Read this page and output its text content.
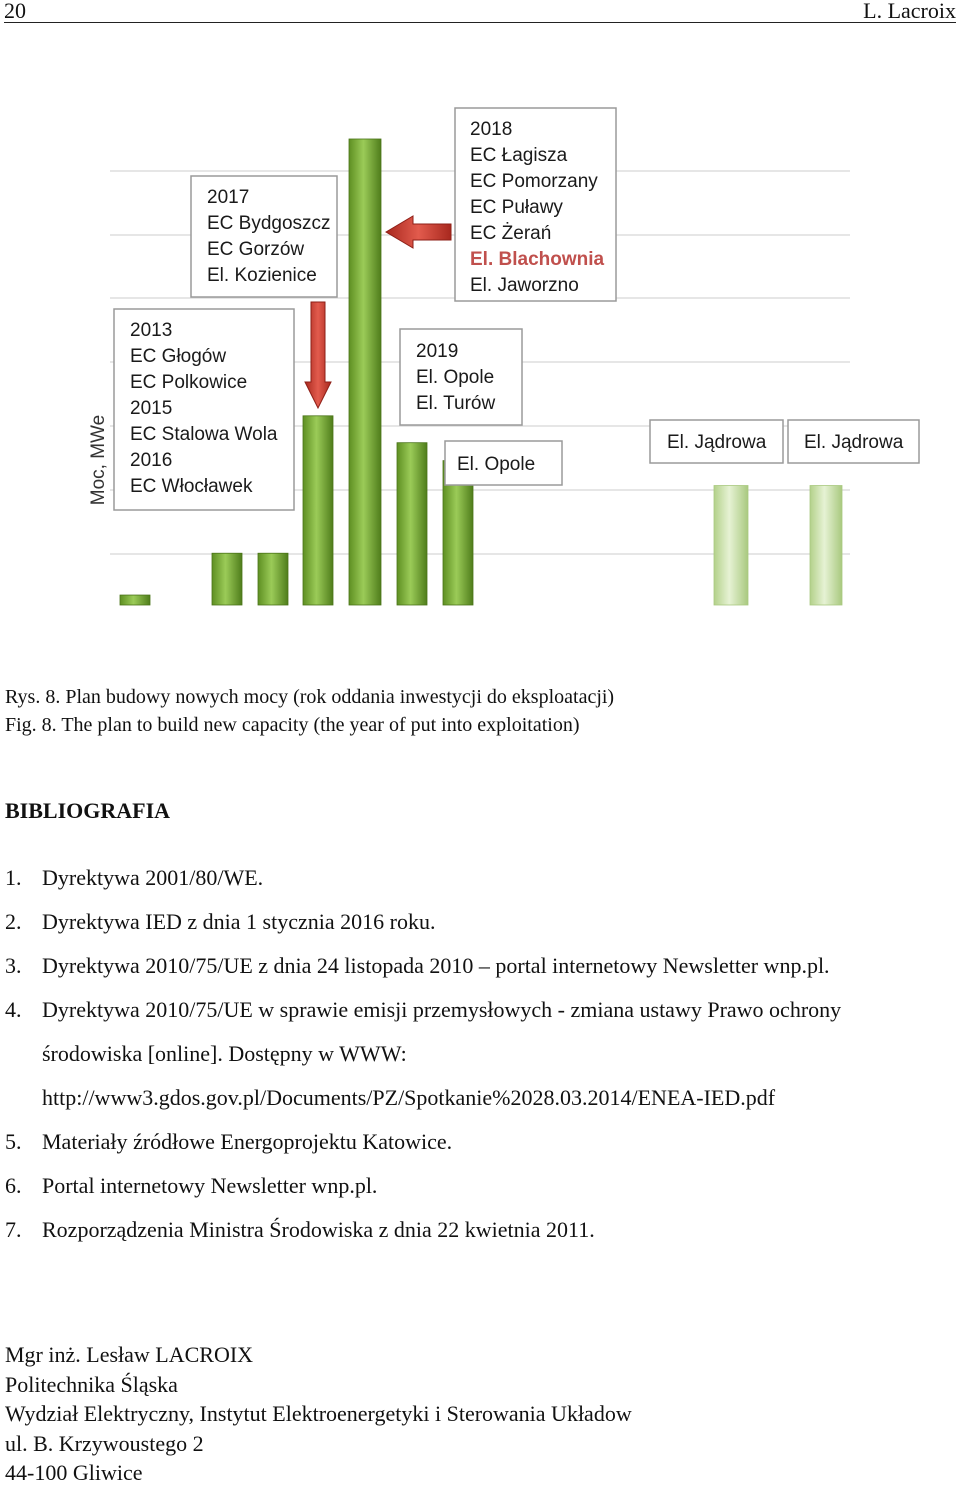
20	L. Lacroix
Moc, MWe
2013
EC Głogów
EC Polkowice
2015
EC Stalowa Wola
2016
EC Włocławek
2017
EC Bydgoszcz
EC Gorzów
El. Kozienice
2018
EC Łagisza
EC Pomorzany
EC Puławy
EC Żerań
El. Blachownia
El. Jaworzno
2019
El. Opole
El. Turów
El. Opole
El. Jądrowa El. Jądrowa
Rys. 8. Plan budowy nowych mocy (rok oddania inwestycji do eksploatacji)
Fig. 8. The plan to build new capacity (the year of put into exploitation)
BIBLIOGRAFIA
1. Dyrektywa 2001/80/WE.
2. Dyrektywa IED z dnia 1 stycznia 2016 roku.
3. Dyrektywa 2010/75/UE z dnia 24 listopada 2010 – portal internetowy Newsletter wnp.pl.
4. Dyrektywa 2010/75/UE w sprawie emisji przemysłowych - zmiana ustawy Prawo ochrony środowiska [online]. Dostępny w WWW: http://www3.gdos.gov.pl/Documents/PZ/Spotkanie%2028.03.2014/ENEA-IED.pdf
5. Materiały źródłowe Energoprojektu Katowice.
6. Portal internetowy Newsletter wnp.pl.
7. Rozporządzenia Ministra Środowiska z dnia 22 kwietnia 2011.
Mgr inż. Lesław LACROIX
Politechnika Śląska
Wydział Elektryczny, Instytut Elektroenergetyki i Sterowania Układow
ul. B. Krzywoustego 2
44-100 Gliwice
